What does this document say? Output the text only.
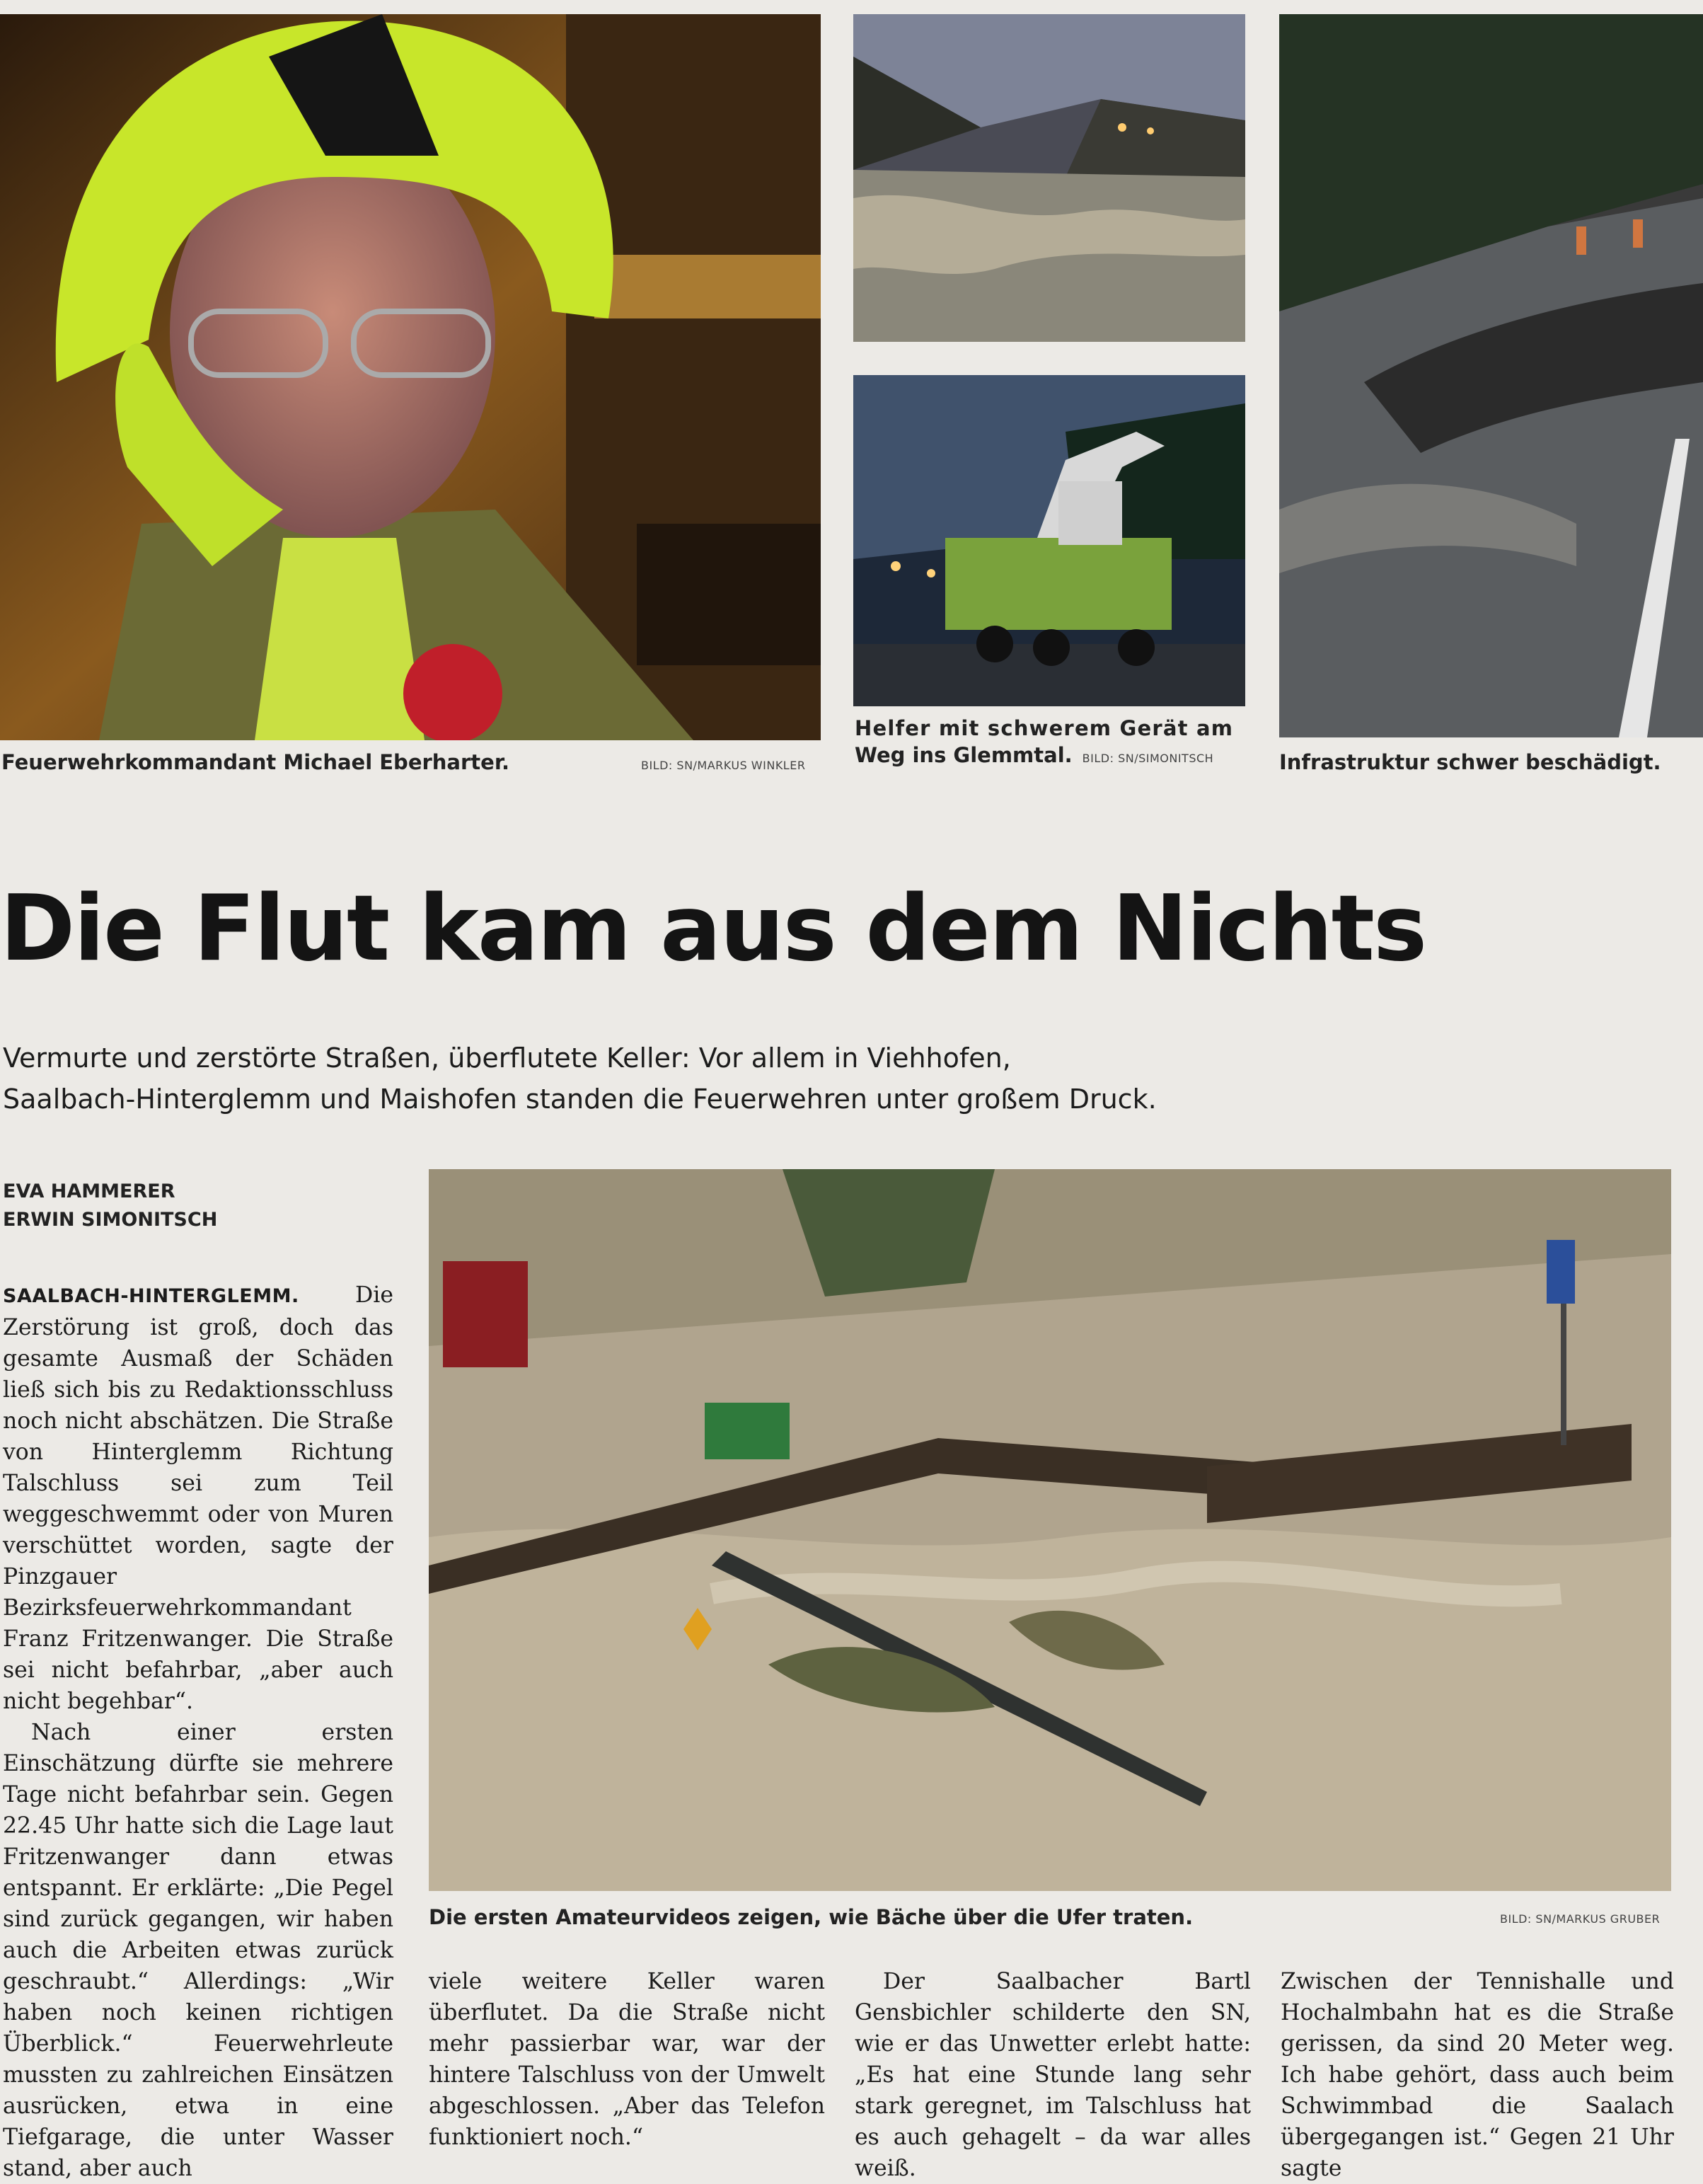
Feuerwehrkommandant Michael Eberharter.	BILD: SN/MARKUS WINKLER
Helfer mit schwerem Gerät am
Weg ins Glemmtal. BILD: SN/SIMONITSCH	Infrastruktur schwer beschädigt.
Die Flut kam aus dem Nichts
Vermurte und zerstörte Straßen, überflutete Keller: Vor allem in Viehhofen,
Saalbach-Hinterglemm und Maishofen standen die Feuerwehren unter großem Druck.
Die ersten Amateurvideos zeigen, wie Bäche über die Ufer traten.	BILD: SN/MARKUS GRUBER
EVA HAMMERER
ERWIN SIMONITSCH

SAALBACH-HINTERGLEMM.	Die Zerstörung ist groß, doch das gesamte Ausmaß der Schäden ließ sich bis zu Redaktionsschluss noch nicht abschätzen. Die Straße von Hinterglemm Richtung Talschluss sei zum Teil weggeschwemmt oder von Muren verschüttet worden, sagte der Pinzgauer Bezirksfeuerwehrkommandant Franz Fritzenwanger. Die Straße sei nicht befahrbar, „aber auch nicht begehbar“.

Nach einer ersten Einschätzung dürfte sie mehrere Tage nicht befahrbar sein. Gegen 22.45 Uhr hatte sich die Lage laut Fritzenwanger dann etwas entspannt. Er erklärte: „Die Pegel sind zurück gegangen, wir haben auch die Arbeiten etwas zurück geschraubt.“ Allerdings: „Wir haben noch keinen richtigen Überblick.“ Feuerwehrleute mussten zu zahlreichen Einsätzen ausrücken, etwa in eine Tiefgarage, die unter Wasser stand, aber auch

viele weitere Keller waren überflutet. Da die Straße nicht mehr passierbar war, war der hintere Talschluss von der Umwelt abgeschlossen. „Aber das Telefon funktioniert noch.“

Der Saalbacher Bartl Gensbichler schilderte den SN, wie er das Unwetter erlebt hatte: „Es hat eine Stunde lang sehr stark geregnet, im Talschluss hat es auch gehagelt – da war alles weiß.

Zwischen der Tennishalle und Hochalmbahn hat es die Straße gerissen, da sind 20 Meter weg. Ich habe gehört, dass auch beim Schwimmbad die Saalach übergegangen ist.“ Gegen 21 Uhr sagte
